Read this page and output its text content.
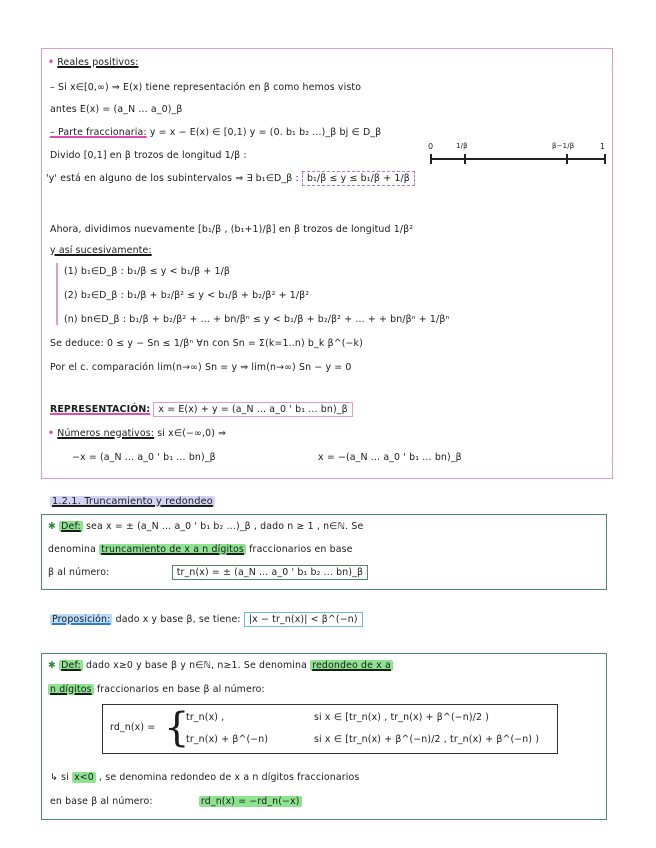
• Reales positivos:
– Si x∈[0,∞) ⇒ E(x) tiene representación en β como hemos visto
antes E(x) = (a_N ... a_0)_β
– Parte fraccionaria: y = x − E(x) ∈ [0,1) y = (0. b₁ b₂ ...)_β bj ∈ D_β
Divido [0,1] en β trozos de longitud 1/β :
0	1/β	β−1/β	1
'y' está en alguno de los subintervalos ⇒ ∃ b₁∈D_β : b₁/β ≤ y ≤ b₁/β + 1/β
Ahora, dividimos nuevamente [b₁/β , (b₁+1)/β] en β trozos de longitud 1/β²
y así sucesivamente:
(1) b₁∈D_β : b₁/β ≤ y < b₁/β + 1/β
(2) b₂∈D_β : b₁/β + b₂/β² ≤ y < b₁/β + b₂/β² + 1/β²
(n) bn∈D_β : b₁/β + b₂/β² + ... + bn/βⁿ ≤ y < b₁/β + b₂/β² + ... + + bn/βⁿ + 1/βⁿ
Se deduce: 0 ≤ y − Sn ≤ 1/βⁿ ∀n con Sn = Σ(k=1..n) b_k β^(−k)
Por el c. comparación lim(n→∞) Sn = y ⇒ lim(n→∞) Sn − y = 0
REPRESENTACIÓN: x = E(x) + y = (a_N ... a_0 ' b₁ ... bn)_β
• Números negativos: si x∈(−∞,0) ⇒
−x = (a_N ... a_0 ' b₁ ... bn)_β	x = −(a_N ... a_0 ' b₁ ... bn)_β
1.2.1. Truncamiento y redondeo
✱ Def: sea x = ± (a_N ... a_0 ' b₁ b₂ ...)_β , dado n ≥ 1 , n∈ℕ. Se
denomina truncamiento de x a n dígitos fraccionarios en base
β al número:	tr_n(x) = ± (a_N ... a_0 ' b₁ b₂ ... bn)_β
Proposición: dado x y base β, se tiene: |x − tr_n(x)| < β^(−n)
✱ Def: dado x≥0 y base β y n∈ℕ, n≥1. Se denomina redondeo de x a
n dígitos fraccionarios en base β al número:
rd_n(x) = {
tr_n(x) ,	si x ∈ [tr_n(x) , tr_n(x) + β^(−n)/2 )
tr_n(x) + β^(−n)	si x ∈ [tr_n(x) + β^(−n)/2 , tr_n(x) + β^(−n) )
↳ si x<0 , se denomina redondeo de x a n dígitos fraccionarios
en base β al número:	rd_n(x) = −rd_n(−x)
